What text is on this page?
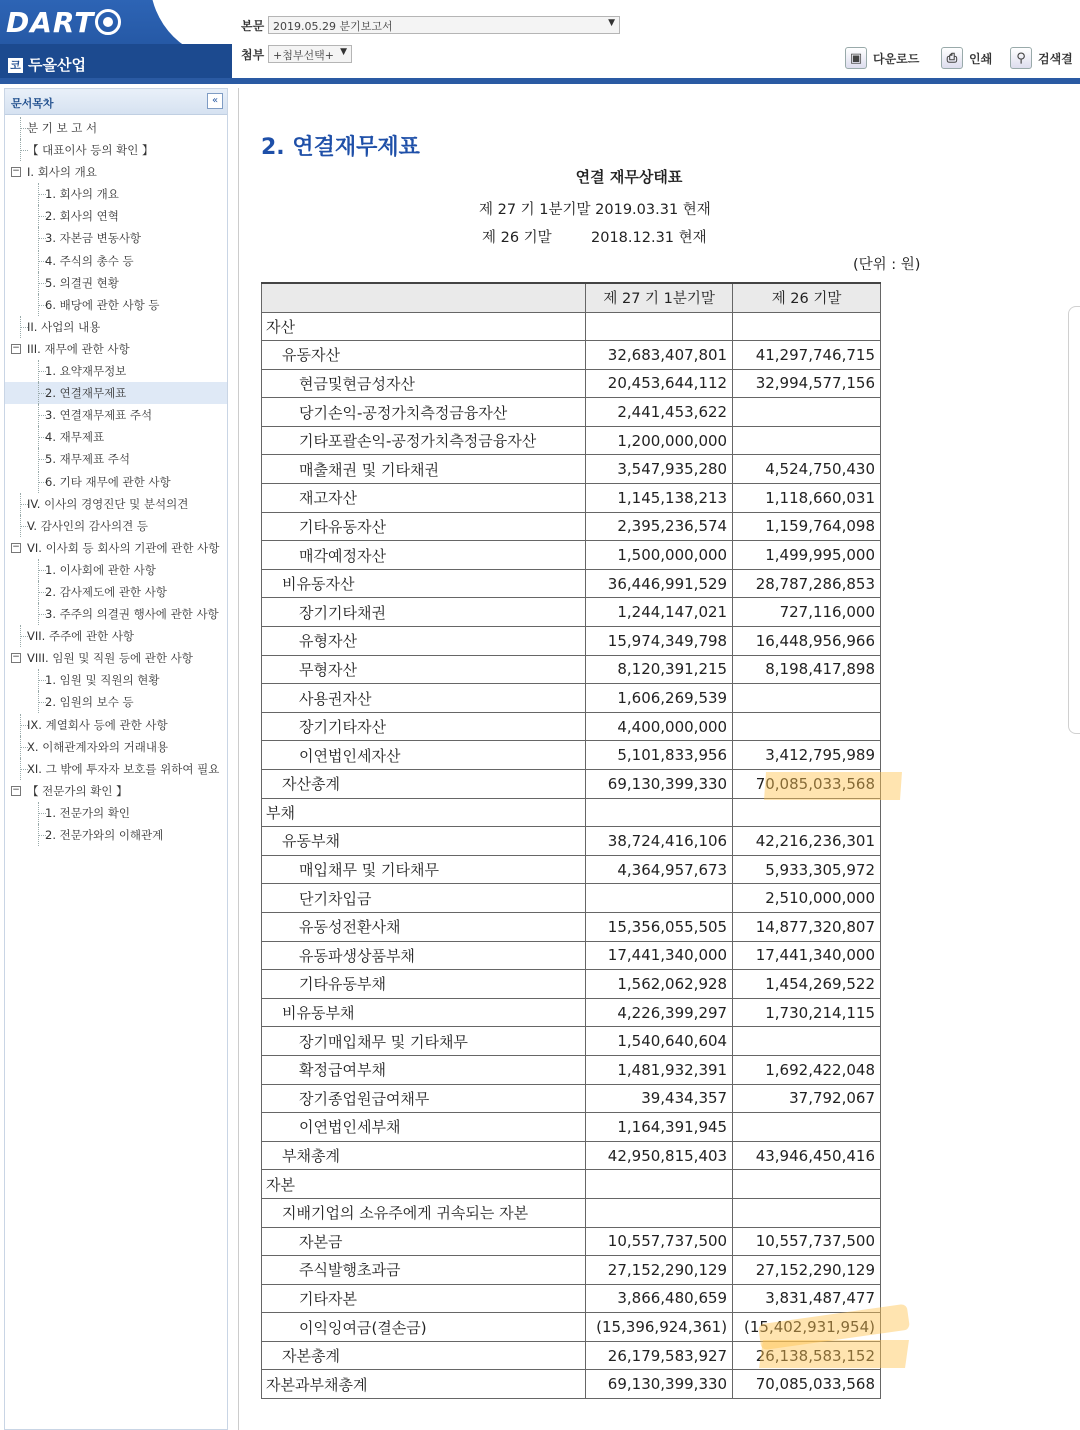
DART
코 두올산업
본문 2019.05.29 분기보고서	▼
첨부 +첨부선택+ ▼	▣ 다운로드	⎙ 인쇄	⚲	검색결
문서목차	«
분 기 보 고 서
【 대표이사 등의 확인 】
− I. 회사의 개요
1. 회사의 개요
2. 회사의 연혁
3. 자본금 변동사항
4. 주식의 총수 등
5. 의결권 현황
6. 배당에 관한 사항 등
II. 사업의 내용
− III. 재무에 관한 사항
1. 요약재무정보
2. 연결재무제표
3. 연결재무제표 주석
4. 재무제표
5. 재무제표 주석
6. 기타 재무에 관한 사항
IV. 이사의 경영진단 및 분석의견
V. 감사인의 감사의견 등
− VI. 이사회 등 회사의 기관에 관한 사항
1. 이사회에 관한 사항
2. 감사제도에 관한 사항
3. 주주의 의결권 행사에 관한 사항
VII. 주주에 관한 사항
− VIII. 임원 및 직원 등에 관한 사항
1. 임원 및 직원의 현황
2. 임원의 보수 등
IX. 계열회사 등에 관한 사항
X. 이해관계자와의 거래내용
XI. 그 밖에 투자자 보호를 위하여 필요
− 【 전문가의 확인 】
1. 전문가의 확인
2. 전문가와의 이해관계
2. 연결재무제표
연결 재무상태표
제 27 기 1분기말 2019.03.31 현재
제 26 기말	2018.12.31 현재
(단위 : 원)
	제 27 기 1분기말	제 26 기말
자산		
유동자산	32,683,407,801	41,297,746,715
현금및현금성자산	20,453,644,112	32,994,577,156
당기손익-공정가치측정금융자산	2,441,453,622	
기타포괄손익-공정가치측정금융자산	1,200,000,000	
매출채권 및 기타채권	3,547,935,280	4,524,750,430
재고자산	1,145,138,213	1,118,660,031
기타유동자산	2,395,236,574	1,159,764,098
매각예정자산	1,500,000,000	1,499,995,000
비유동자산	36,446,991,529	28,787,286,853
장기기타채권	1,244,147,021	727,116,000
유형자산	15,974,349,798	16,448,956,966
무형자산	8,120,391,215	8,198,417,898
사용권자산	1,606,269,539	
장기기타자산	4,400,000,000	
이연법인세자산	5,101,833,956	3,412,795,989
자산총계	69,130,399,330	70,085,033,568
부채		
유동부채	38,724,416,106	42,216,236,301
매입채무 및 기타채무	4,364,957,673	5,933,305,972
단기차입금		2,510,000,000
유동성전환사채	15,356,055,505	14,877,320,807
유동파생상품부채	17,441,340,000	17,441,340,000
기타유동부채	1,562,062,928	1,454,269,522
비유동부채	4,226,399,297	1,730,214,115
장기매입채무 및 기타채무	1,540,640,604	
확정급여부채	1,481,932,391	1,692,422,048
장기종업원급여채무	39,434,357	37,792,067
이연법인세부채	1,164,391,945	
부채총계	42,950,815,403	43,946,450,416
자본		
지배기업의 소유주에게 귀속되는 자본		
자본금	10,557,737,500	10,557,737,500
주식발행초과금	27,152,290,129	27,152,290,129
기타자본	3,866,480,659	3,831,487,477
이익잉여금(결손금)	(15,396,924,361)	(15,402,931,954)
자본총계	26,179,583,927	26,138,583,152
자본과부채총계	69,130,399,330	70,085,033,568
